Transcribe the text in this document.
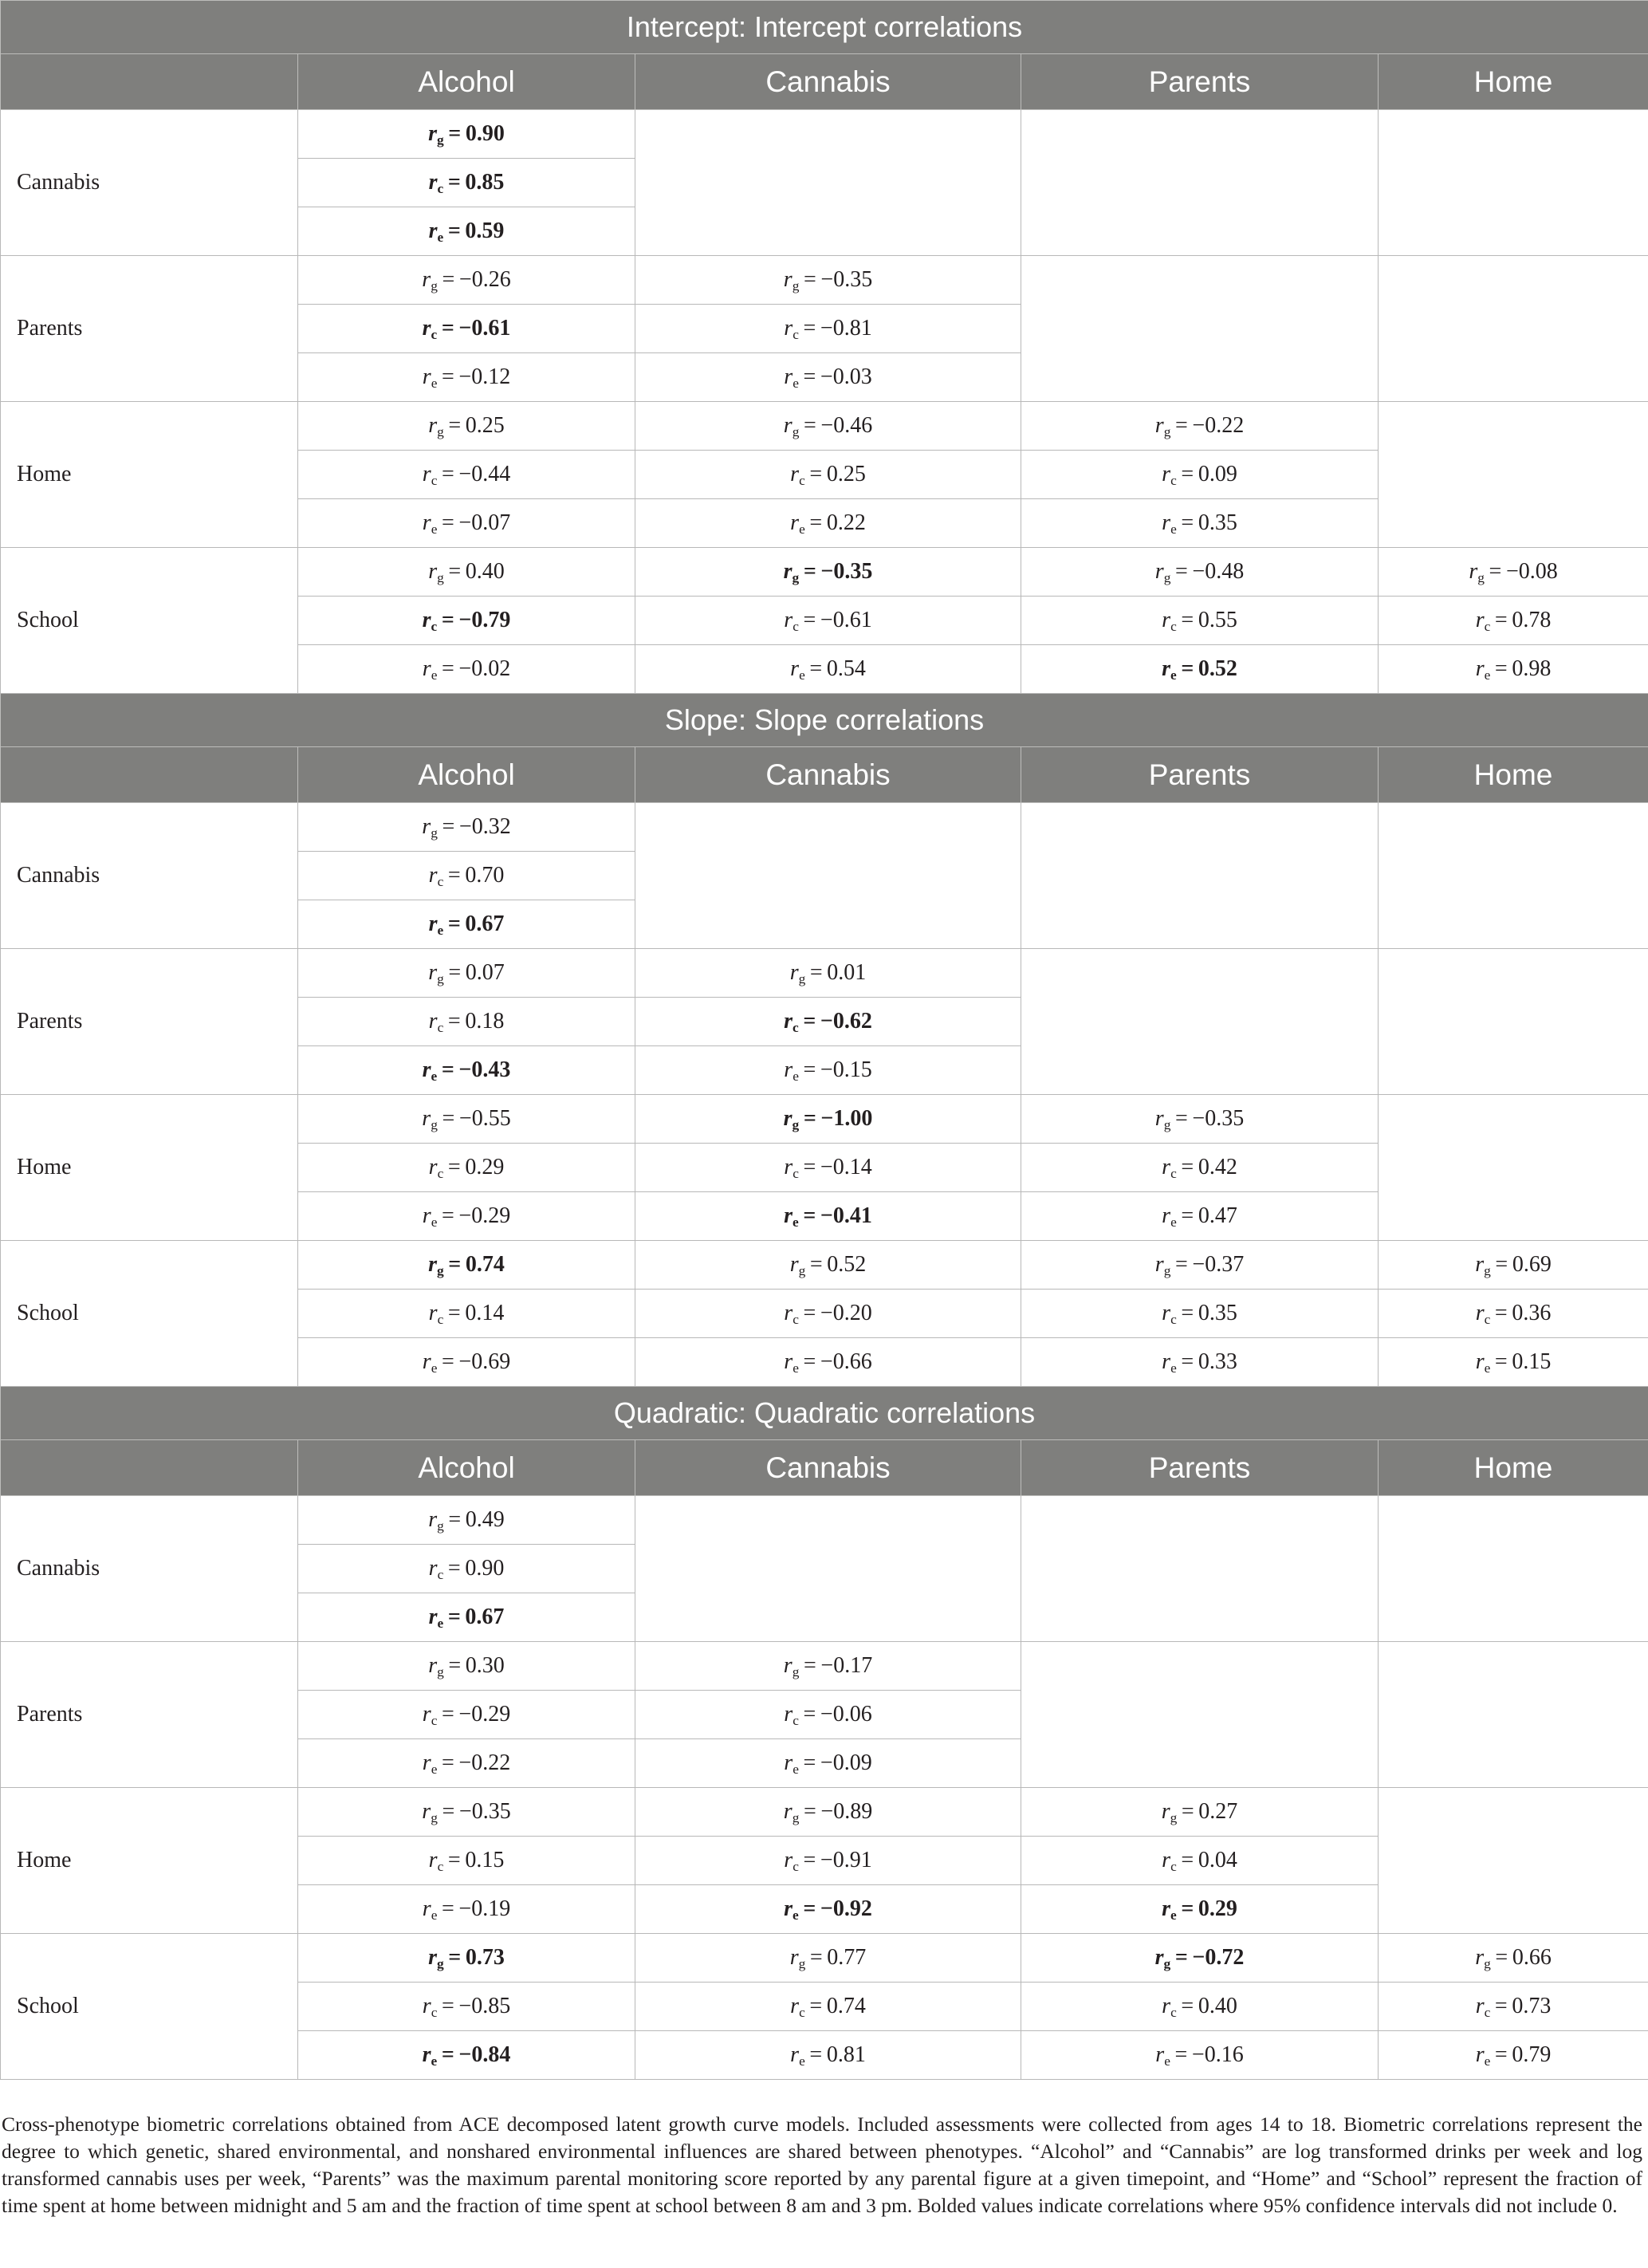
Intercept: Intercept correlations				
	Alcohol	Cannabis	Parents	Home
Cannabis	$r_g = 0.90$			
	$r_c = 0.85$			
	$r_e = 0.59$			
Parents	$r_g = -0.26$	$r_g = -0.35$		
	$r_c = -0.61$	$r_c = -0.81$		
	$r_e = -0.12$	$r_e = -0.03$		
Home	$r_g = 0.25$	$r_g = -0.46$	$r_g = -0.22$	
	$r_c = -0.44$	$r_c = 0.25$	$r_c = 0.09$	
	$r_e = -0.07$	$r_e = 0.22$	$r_e = 0.35$	
School	$r_g = 0.40$	$r_g = -0.35$	$r_g = -0.48$	$r_g = -0.08$
	$r_c = -0.79$	$r_c = -0.61$	$r_c = 0.55$	$r_c = 0.78$
	$r_e = -0.02$	$r_e = 0.54$	$r_e = 0.52$	$r_e = 0.98$
Slope: Slope correlations				
	Alcohol	Cannabis	Parents	Home
Cannabis	$r_g = -0.32$			
	$r_c = 0.70$			
	$r_e = 0.67$			
Parents	$r_g = 0.07$	$r_g = 0.01$		
	$r_c = 0.18$	$r_c = -0.62$		
	$r_e = -0.43$	$r_e = -0.15$		
Home	$r_g = -0.55$	$r_g = -1.00$	$r_g = -0.35$	
	$r_c = 0.29$	$r_c = -0.14$	$r_c = 0.42$	
	$r_e = -0.29$	$r_e = -0.41$	$r_e = 0.47$	
School	$r_g = 0.74$	$r_g = 0.52$	$r_g = -0.37$	$r_g = 0.69$
	$r_c = 0.14$	$r_c = -0.20$	$r_c = 0.35$	$r_c = 0.36$
	$r_e = -0.69$	$r_e = -0.66$	$r_e = 0.33$	$r_e = 0.15$
Quadratic: Quadratic correlations				
	Alcohol	Cannabis	Parents	Home
Cannabis	$r_g = 0.49$			
	$r_c = 0.90$			
	$r_e = 0.67$			
Parents	$r_g = 0.30$	$r_g = -0.17$		
	$r_c = -0.29$	$r_c = -0.06$		
	$r_e = -0.22$	$r_e = -0.09$		
Home	$r_g = -0.35$	$r_g = -0.89$	$r_g = 0.27$	
	$r_c = 0.15$	$r_c = -0.91$	$r_c = 0.04$	
	$r_e = -0.19$	$r_e = -0.92$	$r_e = 0.29$	
School	$r_g = 0.73$	$r_g = 0.77$	$r_g = -0.72$	$r_g = 0.66$
	$r_c = -0.85$	$r_c = 0.74$	$r_c = 0.40$	$r_c = 0.73$
	$r_e = -0.84$	$r_e = 0.81$	$r_e = -0.16$	$r_e = 0.79$

Cross-phenotype biometric correlations obtained from ACE decomposed latent growth curve models. Included assessments were collected from ages 14 to 18. Biometric correlations represent the degree to which genetic, shared environmental, and nonshared environmental influences are shared between phenotypes. “Alcohol” and “Cannabis” are log transformed drinks per week and log transformed cannabis uses per week, “Parents” was the maximum parental monitoring score reported by any parental figure at a given timepoint, and “Home” and “School” represent the fraction of time spent at home between midnight and 5 am and the fraction of time spent at school between 8 am and 3 pm. Bolded values indicate correlations where 95% confidence intervals did not include 0.
